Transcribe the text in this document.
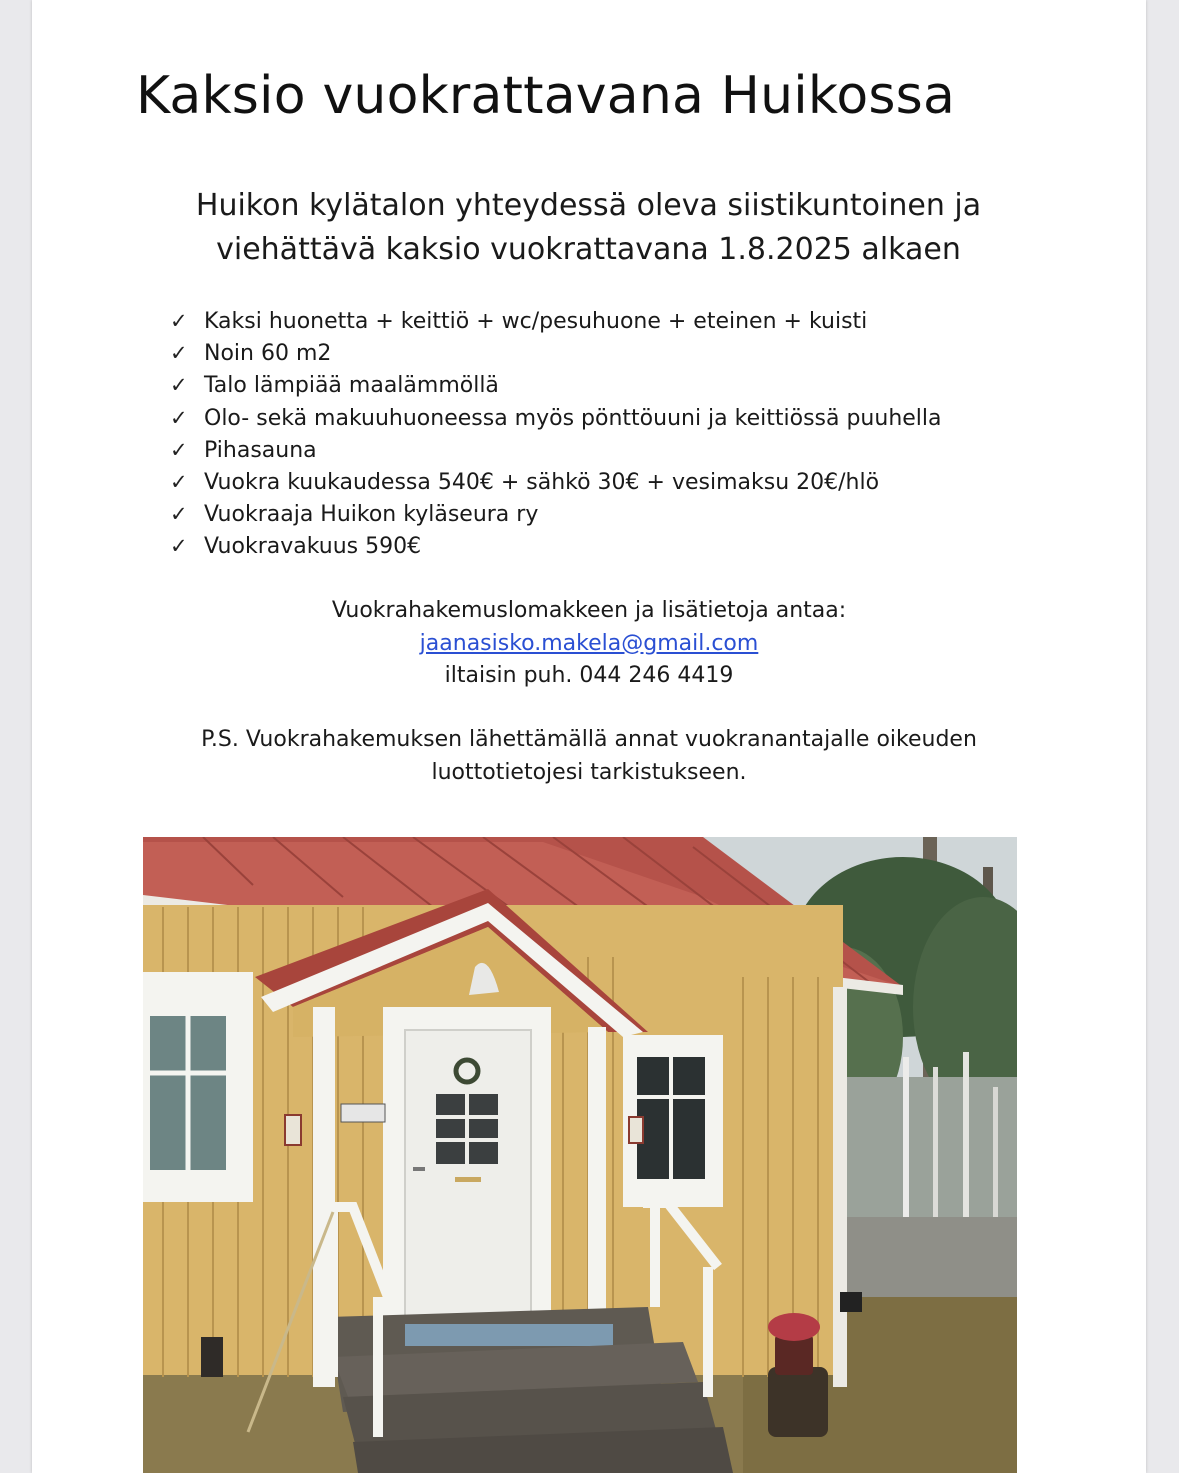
Kaksio vuokrattavana Huikossa
Huikon kylätalon yhteydessä oleva siistikuntoinen ja
viehättävä kaksio vuokrattavana 1.8.2025 alkaen
✓ Kaksi huonetta + keittiö + wc/pesuhuone + eteinen + kuisti
✓ Noin 60 m2
✓ Talo lämpiää maalämmöllä
✓ Olo- sekä makuuhuoneessa myös pönttöuuni ja keittiössä puuhella
✓ Pihasauna
✓ Vuokra kuukaudessa 540€ + sähkö 30€ + vesimaksu 20€/hlö
✓ Vuokraaja Huikon kyläseura ry
✓ Vuokravakuus 590€
Vuokrahakemuslomakkeen ja lisätietoja antaa:
jaanasisko.makela@gmail.com
iltaisin puh. 044 246 4419
P.S. Vuokrahakemuksen lähettämällä annat vuokranantajalle oikeuden
luottotietojesi tarkistukseen.
